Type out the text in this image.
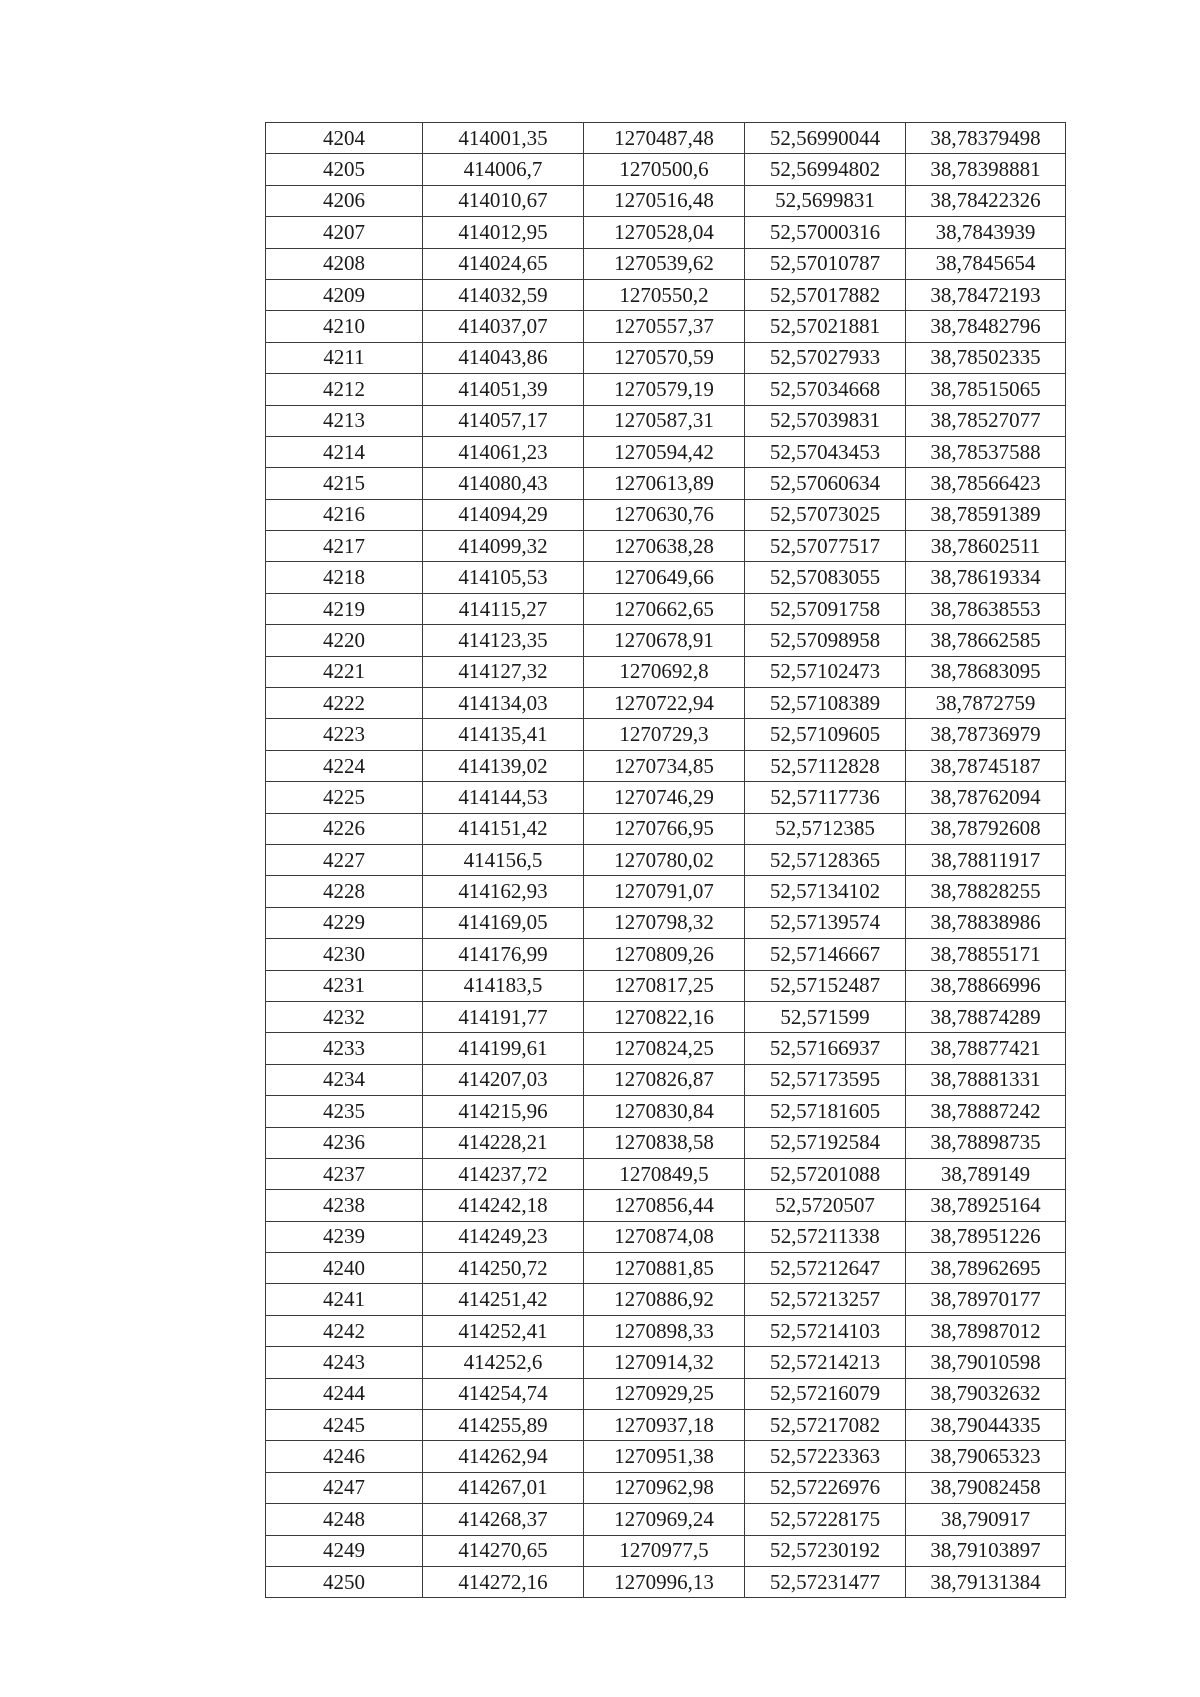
4204	414001,35	1270487,48	52,56990044	38,78379498
4205	414006,7	1270500,6	52,56994802	38,78398881
4206	414010,67	1270516,48	52,5699831	38,78422326
4207	414012,95	1270528,04	52,57000316	38,7843939
4208	414024,65	1270539,62	52,57010787	38,7845654
4209	414032,59	1270550,2	52,57017882	38,78472193
4210	414037,07	1270557,37	52,57021881	38,78482796
4211	414043,86	1270570,59	52,57027933	38,78502335
4212	414051,39	1270579,19	52,57034668	38,78515065
4213	414057,17	1270587,31	52,57039831	38,78527077
4214	414061,23	1270594,42	52,57043453	38,78537588
4215	414080,43	1270613,89	52,57060634	38,78566423
4216	414094,29	1270630,76	52,57073025	38,78591389
4217	414099,32	1270638,28	52,57077517	38,78602511
4218	414105,53	1270649,66	52,57083055	38,78619334
4219	414115,27	1270662,65	52,57091758	38,78638553
4220	414123,35	1270678,91	52,57098958	38,78662585
4221	414127,32	1270692,8	52,57102473	38,78683095
4222	414134,03	1270722,94	52,57108389	38,7872759
4223	414135,41	1270729,3	52,57109605	38,78736979
4224	414139,02	1270734,85	52,57112828	38,78745187
4225	414144,53	1270746,29	52,57117736	38,78762094
4226	414151,42	1270766,95	52,5712385	38,78792608
4227	414156,5	1270780,02	52,57128365	38,78811917
4228	414162,93	1270791,07	52,57134102	38,78828255
4229	414169,05	1270798,32	52,57139574	38,78838986
4230	414176,99	1270809,26	52,57146667	38,78855171
4231	414183,5	1270817,25	52,57152487	38,78866996
4232	414191,77	1270822,16	52,571599	38,78874289
4233	414199,61	1270824,25	52,57166937	38,78877421
4234	414207,03	1270826,87	52,57173595	38,78881331
4235	414215,96	1270830,84	52,57181605	38,78887242
4236	414228,21	1270838,58	52,57192584	38,78898735
4237	414237,72	1270849,5	52,57201088	38,789149
4238	414242,18	1270856,44	52,5720507	38,78925164
4239	414249,23	1270874,08	52,57211338	38,78951226
4240	414250,72	1270881,85	52,57212647	38,78962695
4241	414251,42	1270886,92	52,57213257	38,78970177
4242	414252,41	1270898,33	52,57214103	38,78987012
4243	414252,6	1270914,32	52,57214213	38,79010598
4244	414254,74	1270929,25	52,57216079	38,79032632
4245	414255,89	1270937,18	52,57217082	38,79044335
4246	414262,94	1270951,38	52,57223363	38,79065323
4247	414267,01	1270962,98	52,57226976	38,79082458
4248	414268,37	1270969,24	52,57228175	38,790917
4249	414270,65	1270977,5	52,57230192	38,79103897
4250	414272,16	1270996,13	52,57231477	38,79131384
